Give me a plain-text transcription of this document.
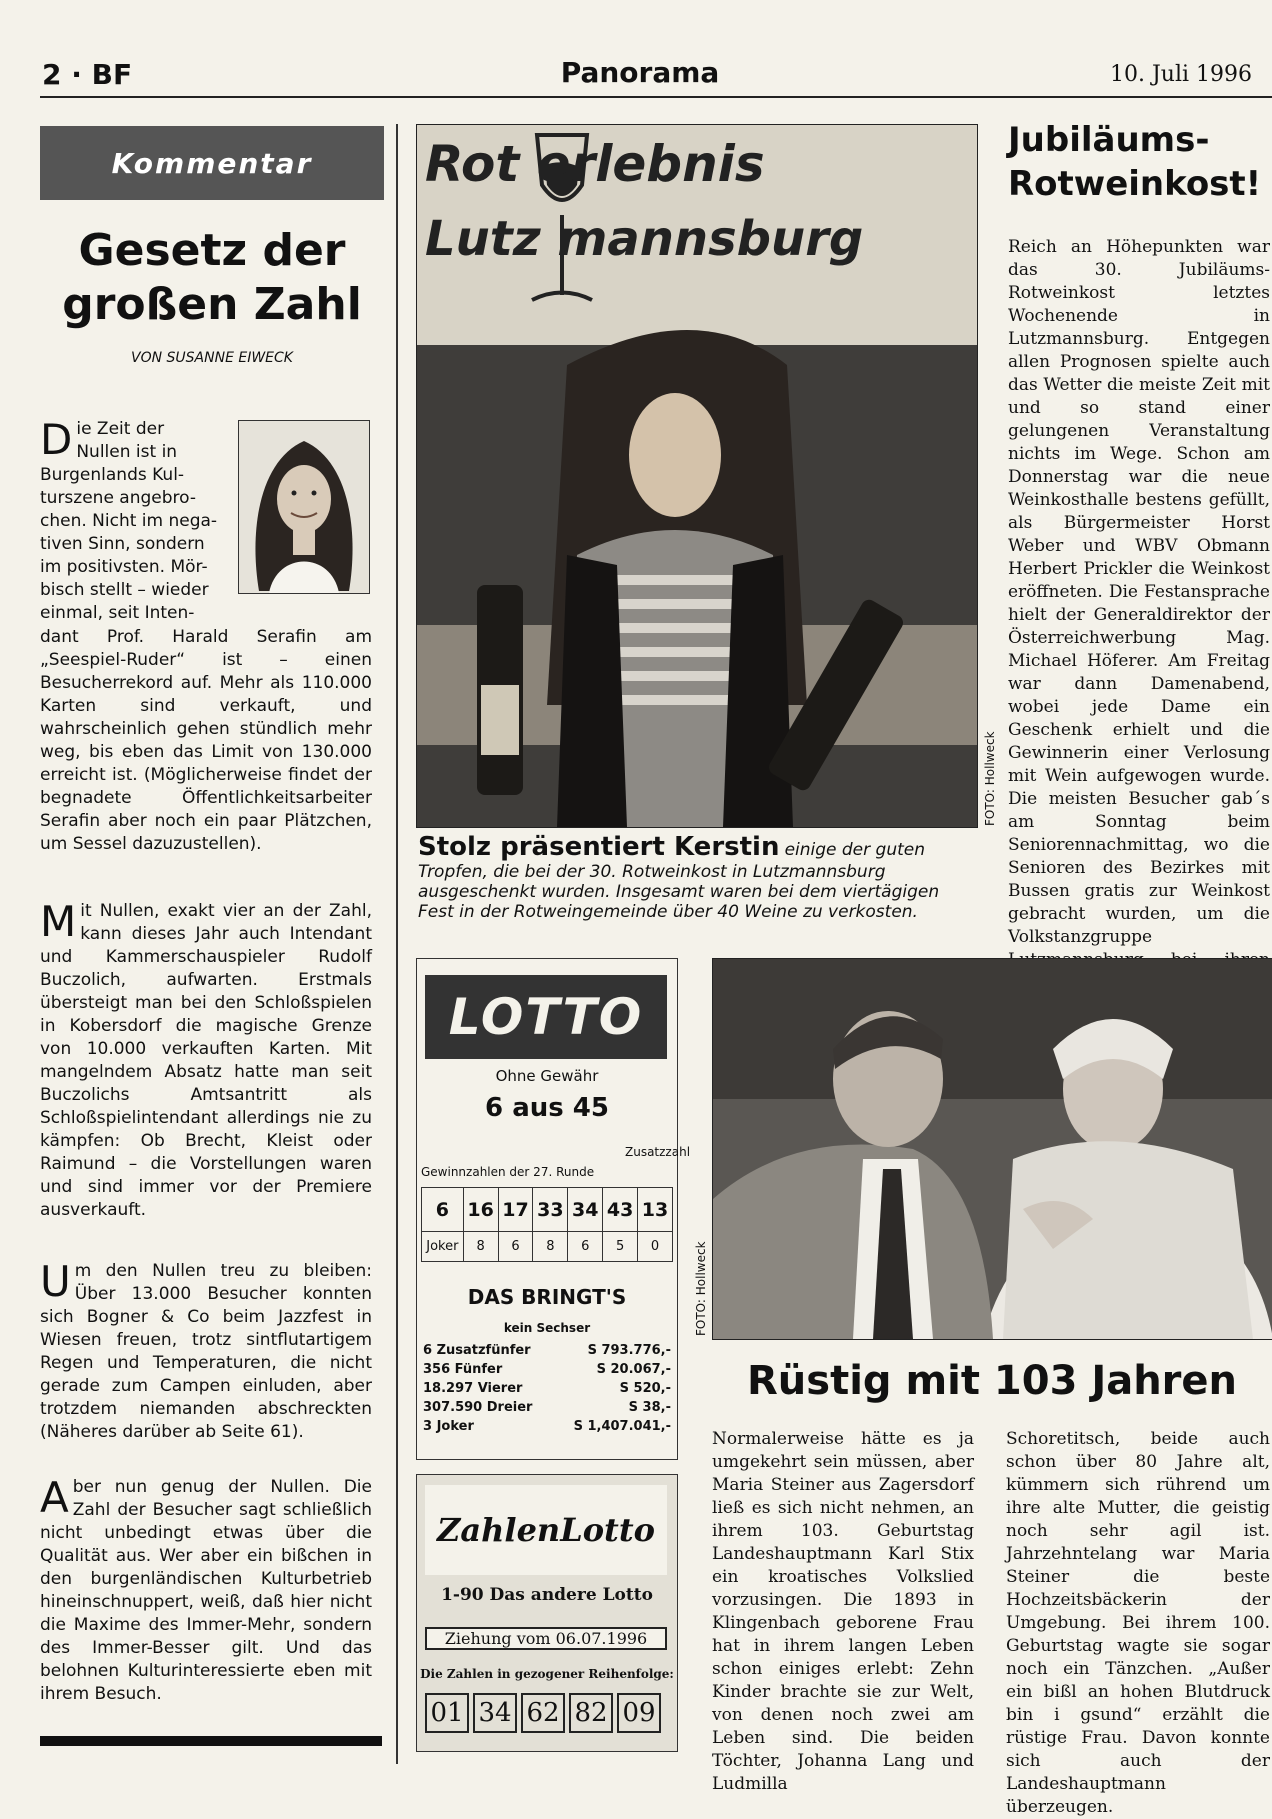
2 · BF	Panorama	10. Juli 1996
Kommentar
Gesetz der großen Zahl
VON SUSANNE EIWECK

Die Zeit der
Nullen ist in
Burgenlands Kul-
turszene angebro-
chen. Nicht im nega-
tiven Sinn, sondern
im positivsten. Mör-
bisch stellt – wieder
einmal, seit Inten-

dant Prof. Harald Serafin am „Seespiel-Ruder“ ist – einen Besucherrekord auf. Mehr als 110.000 Karten sind verkauft, und wahrscheinlich gehen stündlich mehr weg, bis eben das Limit von 130.000 erreicht ist. (Möglicherweise findet der begnadete Öffentlichkeitsarbeiter Serafin aber noch ein paar Plätzchen, um Sessel dazuzustellen).

Mit Nullen, exakt vier an der Zahl, kann dieses Jahr auch Intendant und Kammerschauspieler Rudolf Buczolich, aufwarten. Erstmals übersteigt man bei den Schloßspielen in Kobersdorf die magische Grenze von 10.000 verkauften Karten. Mit mangelndem Absatz hatte man seit Buczolichs Amtsantritt als Schloßspielintendant allerdings nie zu kämpfen: Ob Brecht, Kleist oder Raimund – die Vorstellungen waren und sind immer vor der Premiere ausverkauft.

Um den Nullen treu zu bleiben: Über 13.000 Besucher konnten sich Bogner & Co beim Jazzfest in Wiesen freuen, trotz sintflutartigem Regen und Temperaturen, die nicht gerade zum Campen einluden, aber trotzdem niemanden abschreckten (Näheres darüber ab Seite 61).

Aber nun genug der Nullen. Die Zahl der Besucher sagt schließlich nicht unbedingt etwas über die Qualität aus. Wer aber ein bißchen in den burgenländischen Kulturbetrieb hineinschnuppert, weiß, daß hier nicht die Maxime des Immer-Mehr, sondern des Immer-Besser gilt. Und das belohnen Kulturinteressierte eben mit ihrem Besuch.

Rot erlebnis
Lutz mannsburg
FOTO: Hollweck
Stolz präsentiert Kerstin einige der guten Tropfen, die bei der 30. Rotweinkost in Lutzmannsburg ausgeschenkt wurden. Insgesamt waren bei dem viertägigen Fest in der Rotweingemeinde über 40 Weine zu verkosten.
Jubiläums-Rotweinkost!
Reich an Höhepunkten war das 30. Jubiläums-Rotweinkost letztes Wochenende in Lutzmannsburg. Entgegen allen Prognosen spielte auch das Wetter die meiste Zeit mit und so stand einer gelungenen Veranstaltung nichts im Wege. Schon am Donnerstag war die neue Weinkosthalle bestens gefüllt, als Bürgermeister Horst Weber und WBV Obmann Herbert Prickler die Weinkost eröffneten. Die Festansprache hielt der Generaldirektor der Österreichwerbung Mag. Michael Höferer. Am Freitag war dann Damenabend, wobei jede Dame ein Geschenk erhielt und die Gewinnerin einer Verlosung mit Wein aufgewogen wurde. Die meisten Besucher gab´s am Sonntag beim Seniorennachmittag, wo die Senioren des Bezirkes mit Bussen gratis zur Weinkost gebracht wurden, um die Volkstanzgruppe
LOTTO
Ohne Gewähr
6 aus 45
Gewinnzahlen der 27. Runde
Zusatzzahl
6	16	17	33	34	43	13
Joker	8	6	8	6	5	0
DAS BRINGT'S
kein Sechser
6 Zusatzfünfer	S 793.776,-
356 Fünfer	S 20.067,-
18.297 Vierer	S 520,-
307.590 Dreier	S 38,-
3 Joker	S 1,407.041,-
ZahlenLotto
1-90 Das andere Lotto
Ziehung vom 06.07.1996
Die Zahlen in gezogener Reihenfolge:
01 34 62 82 09
FOTO: Hollweck
Rüstig mit 103 Jahren
Normalerweise hätte es ja umgekehrt sein müssen, aber Maria Steiner aus Zagersdorf ließ es sich nicht nehmen, an ihrem 103. Geburtstag Landeshauptmann Karl Stix ein kroatisches Volkslied vorzusingen. Die 1893 in Klingenbach geborene Frau hat in ihrem langen Leben schon einiges erlebt: Zehn Kinder brachte sie zur Welt, von denen noch zwei am Leben sind. Die beiden Töchter, Johanna Lang und Ludmilla
Schoretitsch, beide auch schon über 80 Jahre alt, kümmern sich rührend um ihre alte Mutter, die geistig noch sehr agil ist. Jahrzehntelang war Maria Steiner die beste Hochzeitsbäckerin der Umgebung. Bei ihrem 100. Geburtstag wagte sie sogar noch ein Tänzchen. „Außer ein bißl an hohen Blutdruck bin i gsund“ erzählt die rüstige Frau. Davon konnte sich auch der Landeshauptmann überzeugen.
